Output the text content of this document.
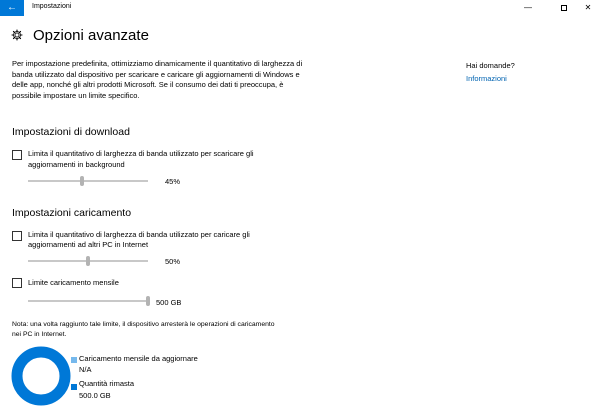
←	Impostazioni	—	✕
Opzioni avanzate
Per impostazione predefinita, ottimizziamo dinamicamente il quantitativo di larghezza di banda utilizzato dal dispositivo per scaricare e caricare gli aggiornamenti di Windows e delle app, nonché gli altri prodotti Microsoft. Se il consumo dei dati ti preoccupa, è possibile impostare un limite specifico.
Hai domande?
Informazioni
Impostazioni di download
Limita il quantitativo di larghezza di banda utilizzato per scaricare gli
aggiornamenti in background
45%
Impostazioni caricamento
Limita il quantitativo di larghezza di banda utilizzato per caricare gli
aggiornamenti ad altri PC in Internet
50%
Limite caricamento mensile
500 GB
Nota: una volta raggiunto tale limite, il dispositivo arresterà le operazioni di caricamento
nei PC in Internet.
Caricamento mensile da aggiornare
N/A
Quantità rimasta
500.0 GB
